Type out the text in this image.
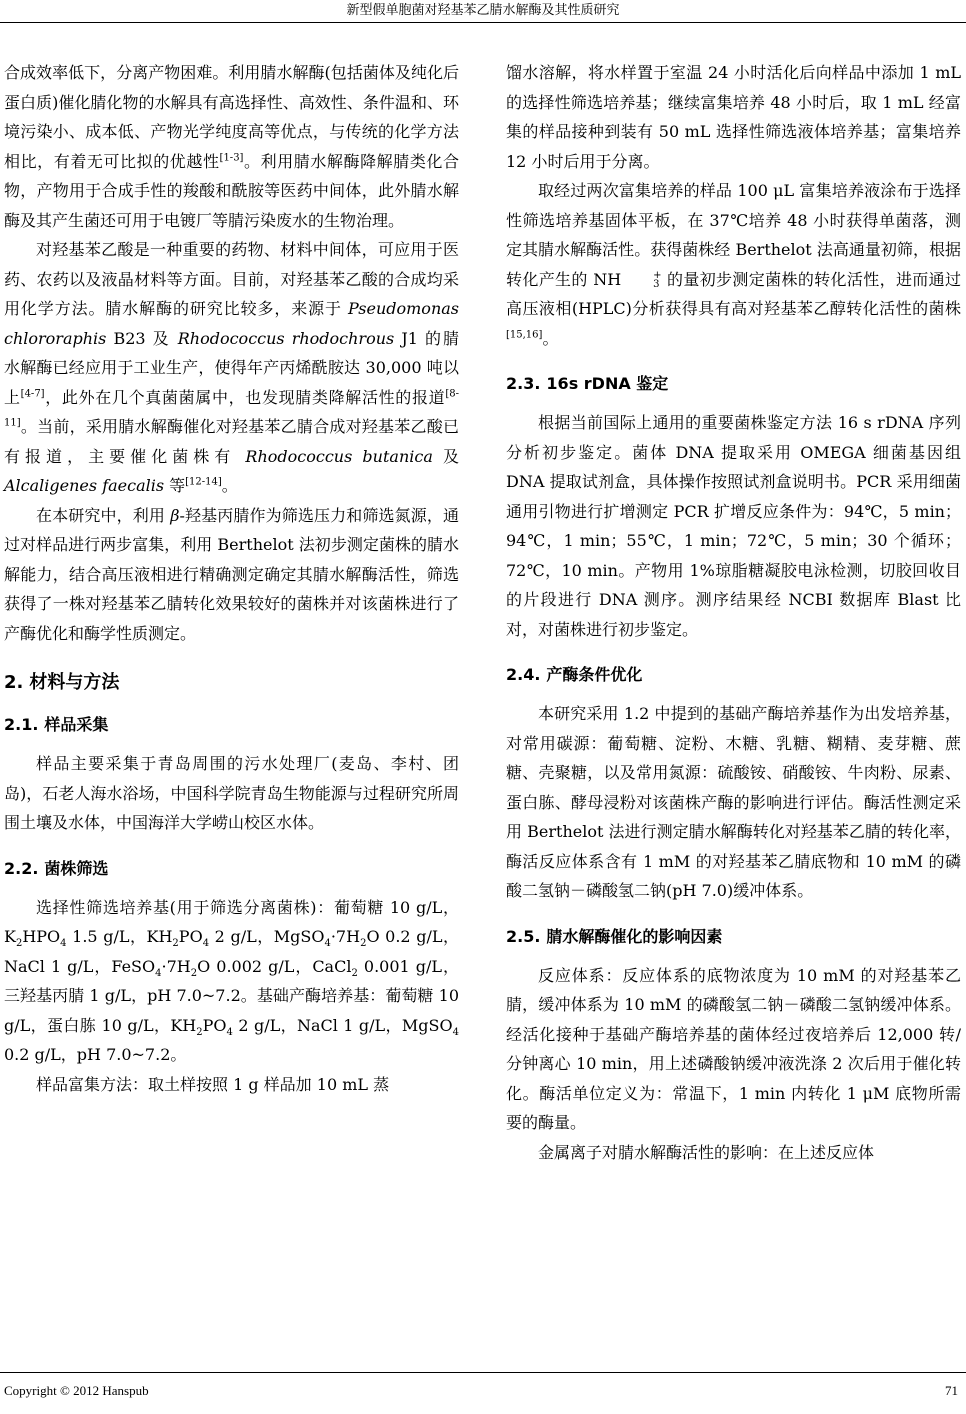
新型假单胞菌对羟基苯乙腈水解酶及其性质研究

合成效率低下，分离产物困难。利用腈水解酶(包括菌体及纯化后蛋白质)催化腈化物的水解具有高选择性、高效性、条件温和、环境污染小、成本低、产物光学纯度高等优点，与传统的化学方法相比，有着无可比拟的优越性[1-3]。利用腈水解酶降解腈类化合物，产物用于合成手性的羧酸和酰胺等医药中间体，此外腈水解酶及其产生菌还可用于电镀厂等腈污染废水的生物治理。

对羟基苯乙酸是一种重要的药物、材料中间体，可应用于医药、农药以及液晶材料等方面。目前，对羟基苯乙酸的合成均采用化学方法。腈水解酶的研究比较多，来源于 Pseudomonas chlororaphis B23 及 Rhodococcus rhodochrous J1 的腈水解酶已经应用于工业生产，使得年产丙烯酰胺达 30,000 吨以上[4-7]，此外在几个真菌菌属中，也发现腈类降解活性的报道[8-11]。当前，采用腈水解酶催化对羟基苯乙腈合成对羟基苯乙酸已有报道，主要催化菌株有 Rhodococcus butanica 及 Alcaligenes faecalis 等[12-14]。

在本研究中，利用 β-羟基丙腈作为筛选压力和筛选氮源，通过对样品进行两步富集，利用 Berthelot 法初步测定菌株的腈水解能力，结合高压液相进行精确测定确定其腈水解酶活性，筛选获得了一株对羟基苯乙腈转化效果较好的菌株并对该菌株进行了产酶优化和酶学性质测定。

2. 材料与方法
2.1. 样品采集

样品主要采集于青岛周围的污水处理厂(麦岛、李村、团岛)，石老人海水浴场，中国科学院青岛生物能源与过程研究所周围土壤及水体，中国海洋大学崂山校区水体。

2.2. 菌株筛选

选择性筛选培养基(用于筛选分离菌株)：葡萄糖 10 g/L，$K_2HPO_4$ 1.5 g/L，$KH_2PO_4$ 2 g/L，$MgSO_4\cdot 7H_2O$ 0.2 g/L，NaCl 1 g/L，$FeSO_4\cdot 7H_2O$ 0.002 g/L，CaCl$_2$ 0.001 g/L，三羟基丙腈 1 g/L，pH 7.0~7.2。基础产酶培养基：葡萄糖 10 g/L，蛋白胨 10 g/L，$KH_2PO_4$ 2 g/L，NaCl 1 g/L，MgSO$_4$ 0.2 g/L，pH 7.0~7.2。

样品富集方法：取土样按照 1 g 样品加 10 mL 蒸

馏水溶解，将水样置于室温 24 小时活化后向样品中添加 1 mL 的选择性筛选培养基；继续富集培养 48 小时后，取 1 mL 经富集的样品接种到装有 50 mL 选择性筛选液体培养基；富集培养 12 小时后用于分离。

取经过两次富集培养的样品 100 μL 富集培养液涂布于选择性筛选培养基固体平板，在 37℃培养 48 小时获得单菌落，测定其腈水解酶活性。获得菌株经 Berthelot 法高通量初筛，根据转化产生的 NH	+
3 的量初步测定菌株的转化活性，进而通过高压液相(HPLC)分析获得具有高对羟基苯乙醇转化活性的菌株[15,16]。

2.3. 16s rDNA 鉴定

根据当前国际上通用的重要菌株鉴定方法 16 s rDNA 序列分析初步鉴定。菌体 DNA 提取采用 OMEGA 细菌基因组 DNA 提取试剂盒，具体操作按照试剂盒说明书。PCR 采用细菌通用引物进行扩增测定 PCR 扩增反应条件为：94℃，5 min；94℃，1 min；55℃，1 min；72℃，5 min；30 个循环；72℃，10 min。产物用 1%琼脂糖凝胶电泳检测，切胶回收目的片段进行 DNA 测序。测序结果经 NCBI 数据库 Blast 比对，对菌株进行初步鉴定。

2.4. 产酶条件优化

本研究采用 1.2 中提到的基础产酶培养基作为出发培养基，对常用碳源：葡萄糖、淀粉、木糖、乳糖、糊精、麦芽糖、蔗糖、壳聚糖，以及常用氮源：硫酸铵、硝酸铵、牛肉粉、尿素、蛋白胨、酵母浸粉对该菌株产酶的影响进行评估。酶活性测定采用 Berthelot 法进行测定腈水解酶转化对羟基苯乙腈的转化率，酶活反应体系含有 1 mM 的对羟基苯乙腈底物和 10 mM 的磷酸二氢钠－磷酸氢二钠(pH 7.0)缓冲体系。

2.5. 腈水解酶催化的影响因素

反应体系：反应体系的底物浓度为 10 mM 的对羟基苯乙腈，缓冲体系为 10 mM 的磷酸氢二钠－磷酸二氢钠缓冲体系。经活化接种于基础产酶培养基的菌体经过夜培养后 12,000 转/分钟离心 10 min，用上述磷酸钠缓冲液洗涤 2 次后用于催化转化。酶活单位定义为：常温下，1 min 内转化 1 μM 底物所需要的酶量。

金属离子对腈水解酶活性的影响：在上述反应体

Copyright © 2012 Hanspub	71
